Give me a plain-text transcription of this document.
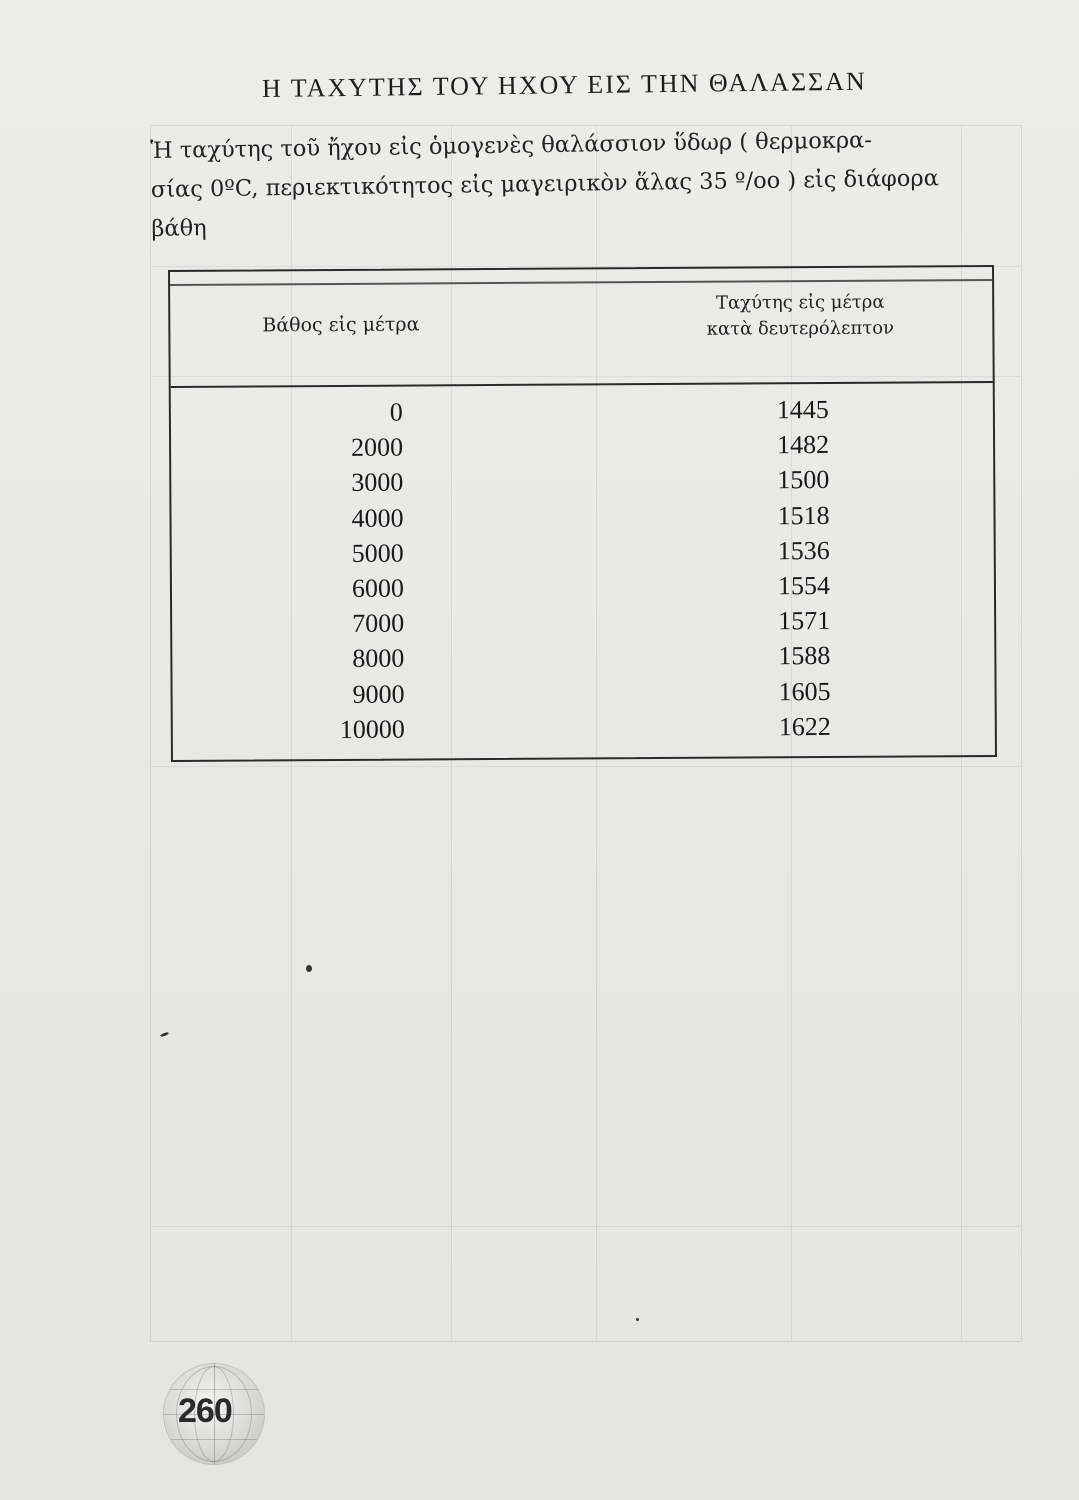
Η ΤΑΧΥΤΗΣ ΤΟΥ ΗΧΟΥ ΕΙΣ ΤΗΝ ΘΑΛΑΣΣΑΝ
Ἡ ταχύτης τοῦ ἤχου εἰς ὁμογενὲς θαλάσσιον ὕδωρ ( θερμοκρα-
σίας 0ºC, περιεκτικότητος εἰς μαγειρικὸν ἅλας 35 º/oo ) εἰς διάφορα
βάθη
Βάθος εἰς μέτρα
Ταχύτης εἰς μέτρα
κατὰ δευτερόλεπτον
0
2000
3000
4000
5000
6000
7000
8000
9000
10000
1445
1482
1500
1518
1536
1554
1571
1588
1605
1622
260
